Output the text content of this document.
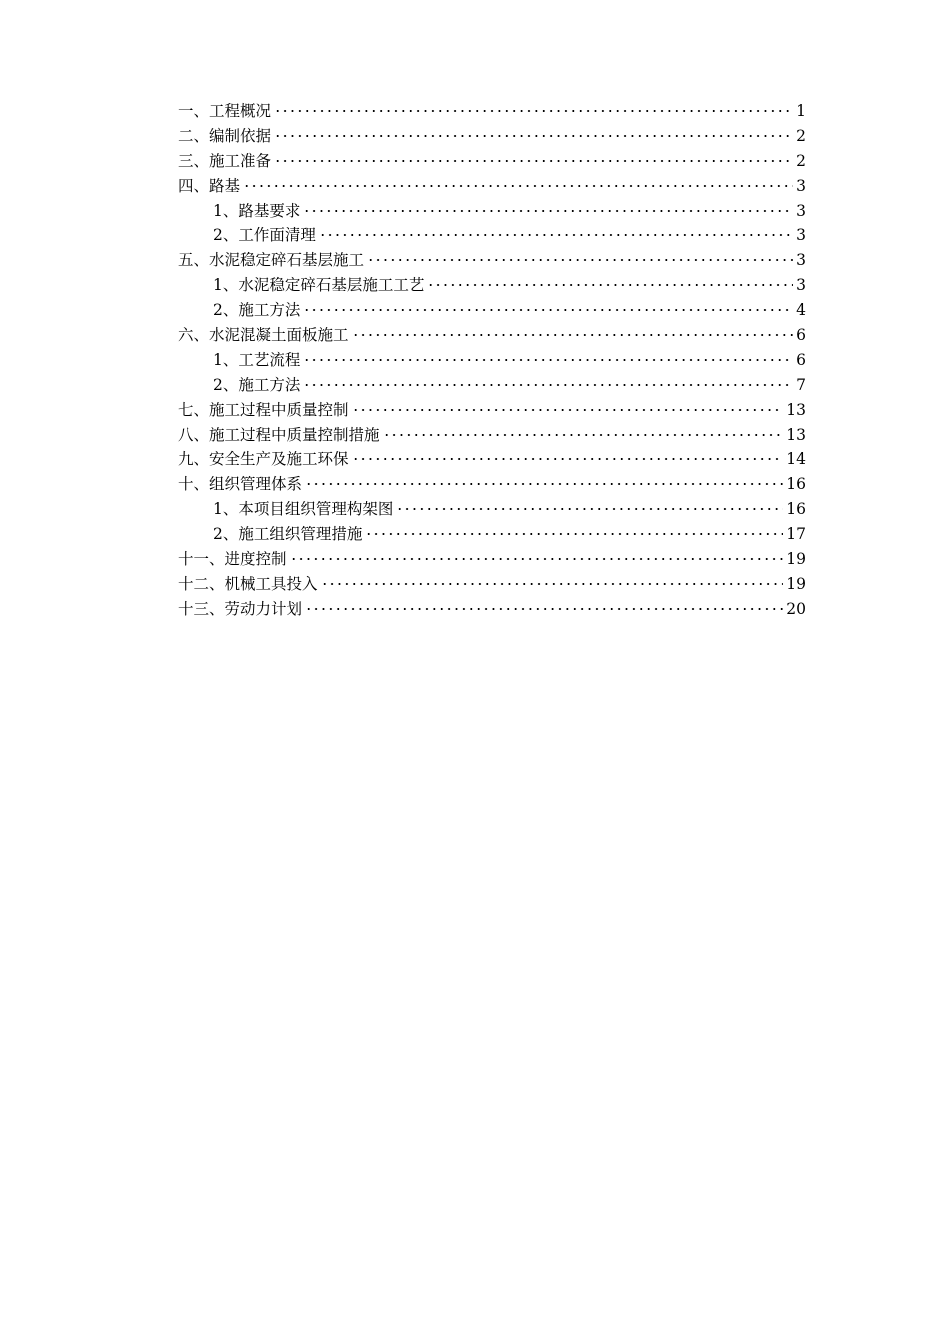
一、工程概况	1
二、编制依据	2
三、施工准备	2
四、路基	3
1、路基要求	3
2、工作面清理	3
五、水泥稳定碎石基层施工	3
1、水泥稳定碎石基层施工工艺	3
2、施工方法	4
六、水泥混凝土面板施工	6
1、工艺流程	6
2、施工方法	7
七、施工过程中质量控制	13
八、施工过程中质量控制措施	13
九、安全生产及施工环保	14
十、组织管理体系	16
1、本项目组织管理构架图	16
2、施工组织管理措施	17
十一、进度控制	19
十二、机械工具投入	19
十三、劳动力计划	20
